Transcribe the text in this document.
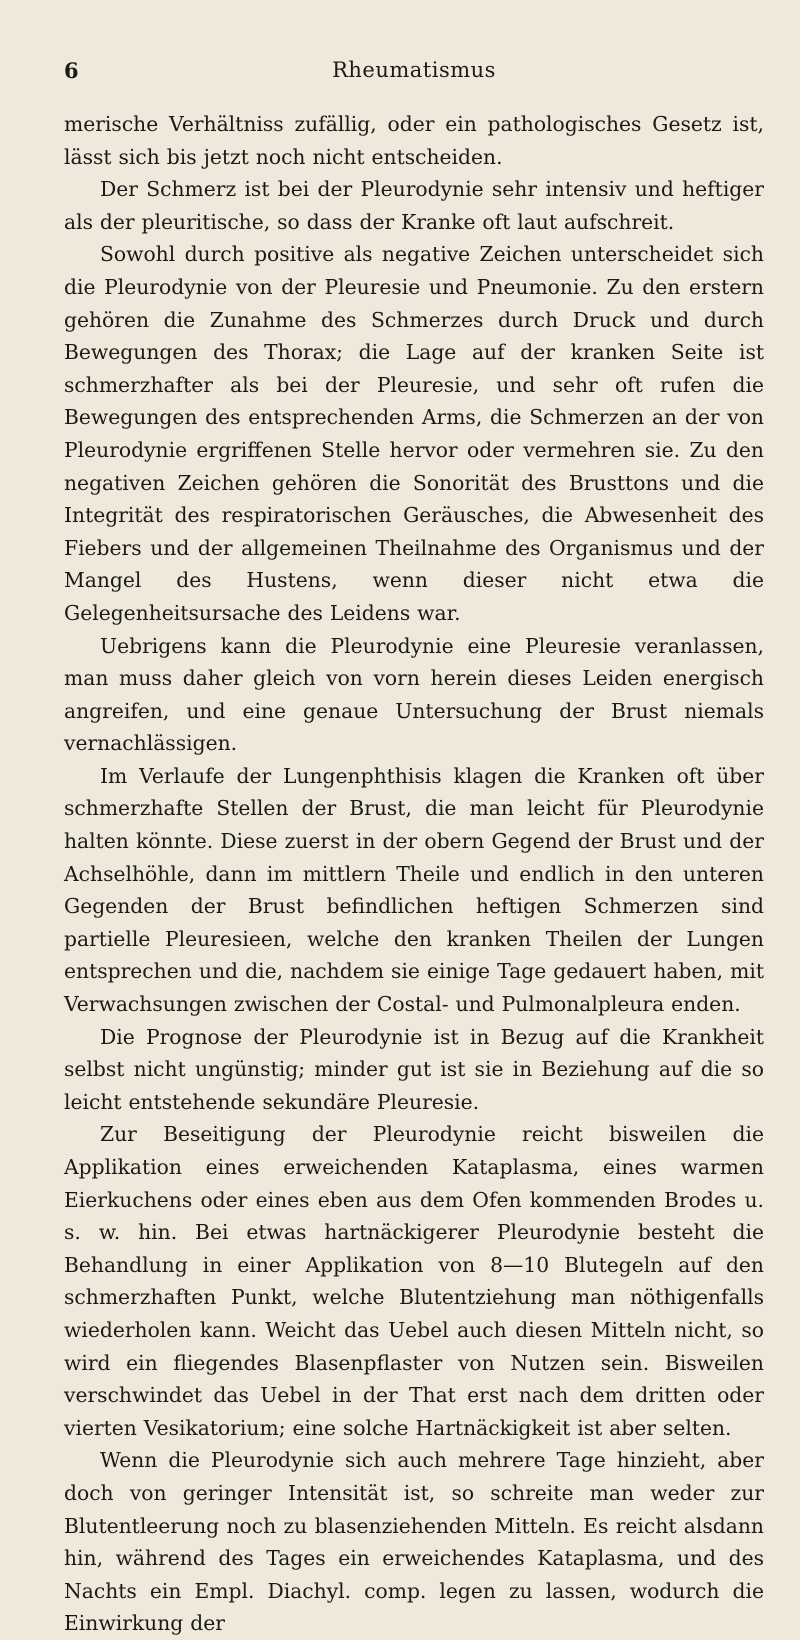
6	Rheumatismus

merische Verhältniss zufällig, oder ein pathologisches Gesetz ist, lässt sich bis jetzt noch nicht entscheiden.

Der Schmerz ist bei der Pleurodynie sehr intensiv und heftiger als der pleuritische, so dass der Kranke oft laut aufschreit.

Sowohl durch positive als negative Zeichen unterscheidet sich die Pleurodynie von der Pleuresie und Pneumonie. Zu den erstern gehören die Zunahme des Schmerzes durch Druck und durch Bewegungen des Thorax; die Lage auf der kranken Seite ist schmerzhafter als bei der Pleuresie, und sehr oft rufen die Bewegungen des entsprechenden Arms, die Schmerzen an der von Pleurodynie ergriffenen Stelle hervor oder vermehren sie. Zu den negativen Zeichen gehören die Sonorität des Brusttons und die Integrität des respiratorischen Geräusches, die Abwesenheit des Fiebers und der allgemeinen Theilnahme des Organismus und der Mangel des Hustens, wenn dieser nicht etwa die Gelegenheitsursache des Leidens war.

Uebrigens kann die Pleurodynie eine Pleuresie veranlassen, man muss daher gleich von vorn herein dieses Leiden energisch angreifen, und eine genaue Untersuchung der Brust niemals vernachlässigen.

Im Verlaufe der Lungenphthisis klagen die Kranken oft über schmerzhafte Stellen der Brust, die man leicht für Pleurodynie halten könnte. Diese zuerst in der obern Gegend der Brust und der Achselhöhle, dann im mittlern Theile und endlich in den unteren Gegenden der Brust befindlichen heftigen Schmerzen sind partielle Pleuresieen, welche den kranken Theilen der Lungen entsprechen und die, nachdem sie einige Tage gedauert haben, mit Verwachsungen zwischen der Costal- und Pulmonalpleura enden.

Die Prognose der Pleurodynie ist in Bezug auf die Krankheit selbst nicht ungünstig; minder gut ist sie in Beziehung auf die so leicht entstehende sekundäre Pleuresie.

Zur Beseitigung der Pleurodynie reicht bisweilen die Applikation eines erweichenden Kataplasma, eines warmen Eierkuchens oder eines eben aus dem Ofen kommenden Brodes u. s. w. hin. Bei etwas hartnäckigerer Pleurodynie besteht die Behandlung in einer Applikation von 8—10 Blutegeln auf den schmerzhaften Punkt, welche Blutentziehung man nöthigenfalls wiederholen kann. Weicht das Uebel auch diesen Mitteln nicht, so wird ein fliegendes Blasenpflaster von Nutzen sein. Bisweilen verschwindet das Uebel in der That erst nach dem dritten oder vierten Vesikatorium; eine solche Hartnäckigkeit ist aber selten.

Wenn die Pleurodynie sich auch mehrere Tage hinzieht, aber doch von geringer Intensität ist, so schreite man weder zur Blutentleerung noch zu blasenziehenden Mitteln. Es reicht alsdann hin, während des Tages ein erweichendes Kataplasma, und des Nachts ein Empl. Diachyl. comp. legen zu lassen, wodurch die Einwirkung der
